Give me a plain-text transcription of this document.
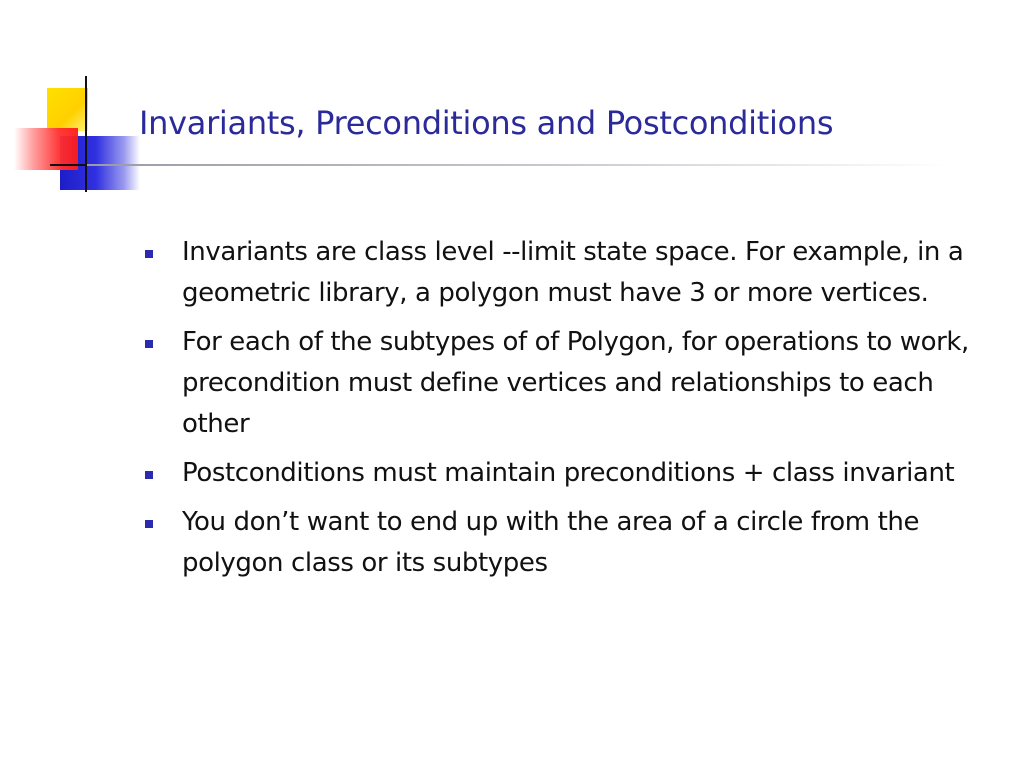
Invariants, Preconditions and Postconditions
Invariants are class level --limit state space. For example, in a geometric library, a polygon must have 3 or more vertices.
For each of the subtypes of of Polygon, for operations to work, precondition must define vertices and relationships to each other
Postconditions must maintain preconditions + class invariant
You don’t want to end up with the area of a circle from the polygon class or its subtypes
